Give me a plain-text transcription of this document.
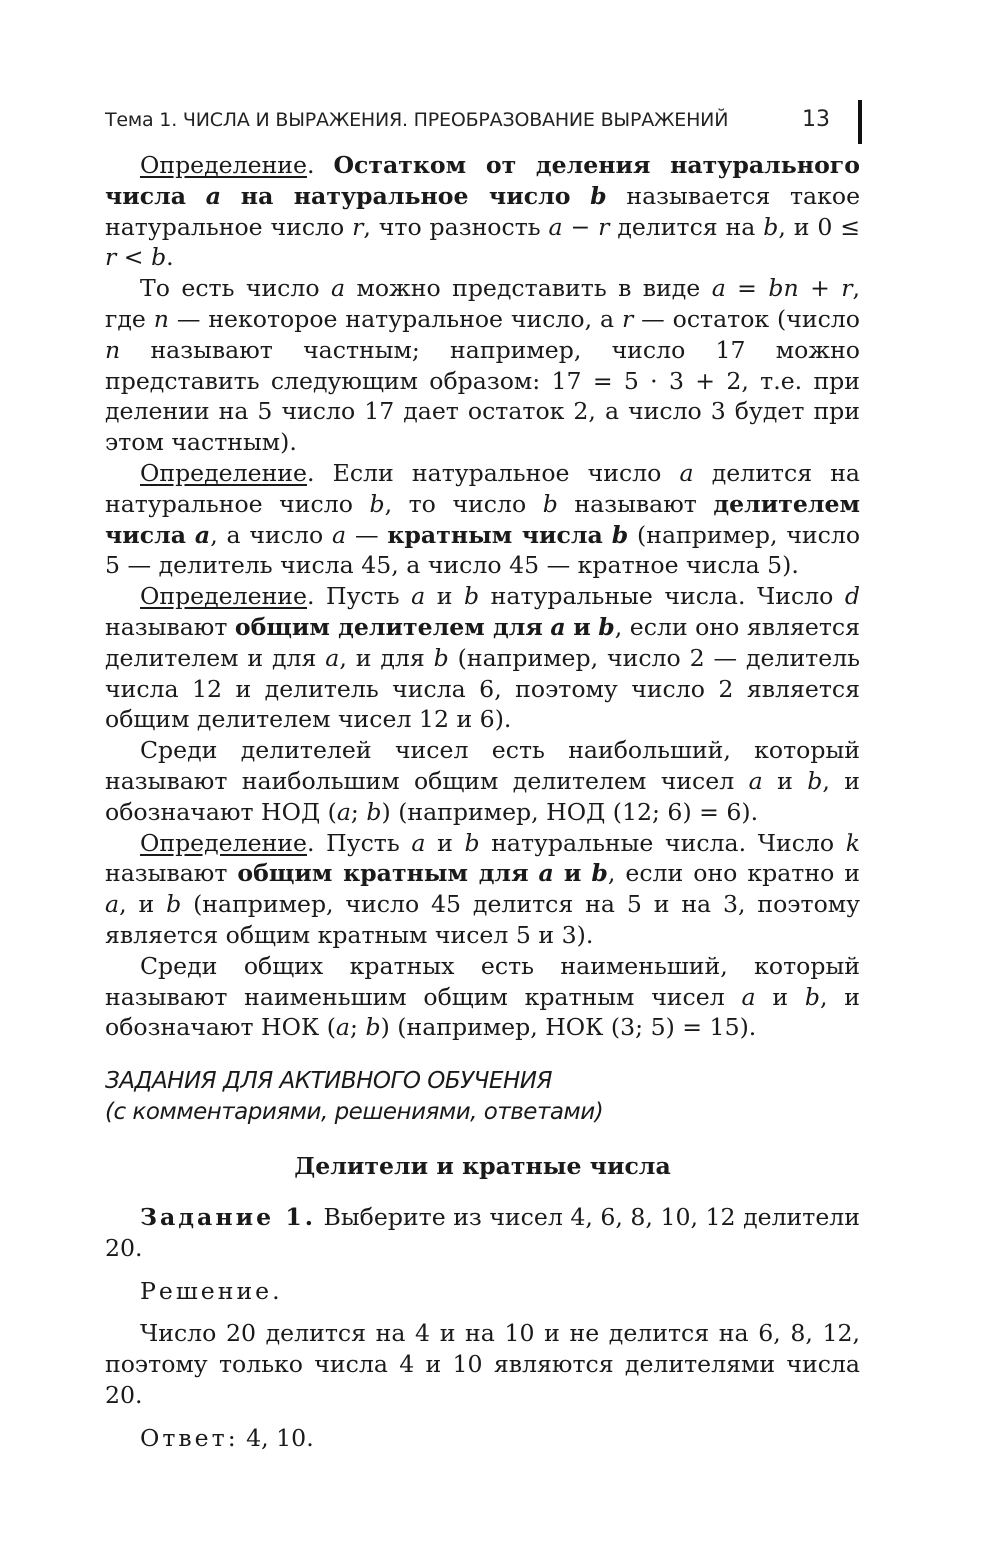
Тема 1. ЧИСЛА И ВЫРАЖЕНИЯ. ПРЕОБРАЗОВАНИЕ ВЫРАЖЕНИЙ	13

Определение. Остатком от деления натурального числа a на натуральное число b называется такое натуральное число r, что разность a − r делится на b, и 0 ≤ r < b.

То есть число a можно представить в виде a = bn + r, где n — некоторое натуральное число, а r — остаток (число n называют частным; например, число 17 можно представить следующим образом: 17 = 5 · 3 + 2, т.е. при делении на 5 число 17 дает остаток 2, а число 3 будет при этом частным).

Определение. Если натуральное число a делится на натуральное число b, то число b называют делителем числа a, а число a — кратным числа b (например, число 5 — делитель числа 45, а число 45 — кратное числа 5).

Определение. Пусть a и b натуральные числа. Число d называют общим делителем для a и b, если оно является делителем и для a, и для b (например, число 2 — делитель числа 12 и делитель числа 6, поэтому число 2 является общим делителем чисел 12 и 6).

Среди делителей чисел есть наибольший, который называют наибольшим общим делителем чисел a и b, и обозначают НОД (a; b) (например, НОД (12; 6) = 6).

Определение. Пусть a и b натуральные числа. Число k называют общим кратным для a и b, если оно кратно и a, и b (например, число 45 делится на 5 и на 3, поэтому является общим кратным чисел 5 и 3).

Среди общих кратных есть наименьший, который называют наименьшим общим кратным чисел a и b, и обозначают НОК (a; b) (например, НОК (3; 5) = 15).

ЗАДАНИЯ ДЛЯ АКТИВНОГО ОБУЧЕНИЯ
(с комментариями, решениями, ответами)
Делители и кратные числа

Задание 1. Выберите из чисел 4, 6, 8, 10, 12 делители 20.

Решение.

Число 20 делится на 4 и на 10 и не делится на 6, 8, 12, поэтому только числа 4 и 10 являются делителями числа 20.

Ответ: 4, 10.
